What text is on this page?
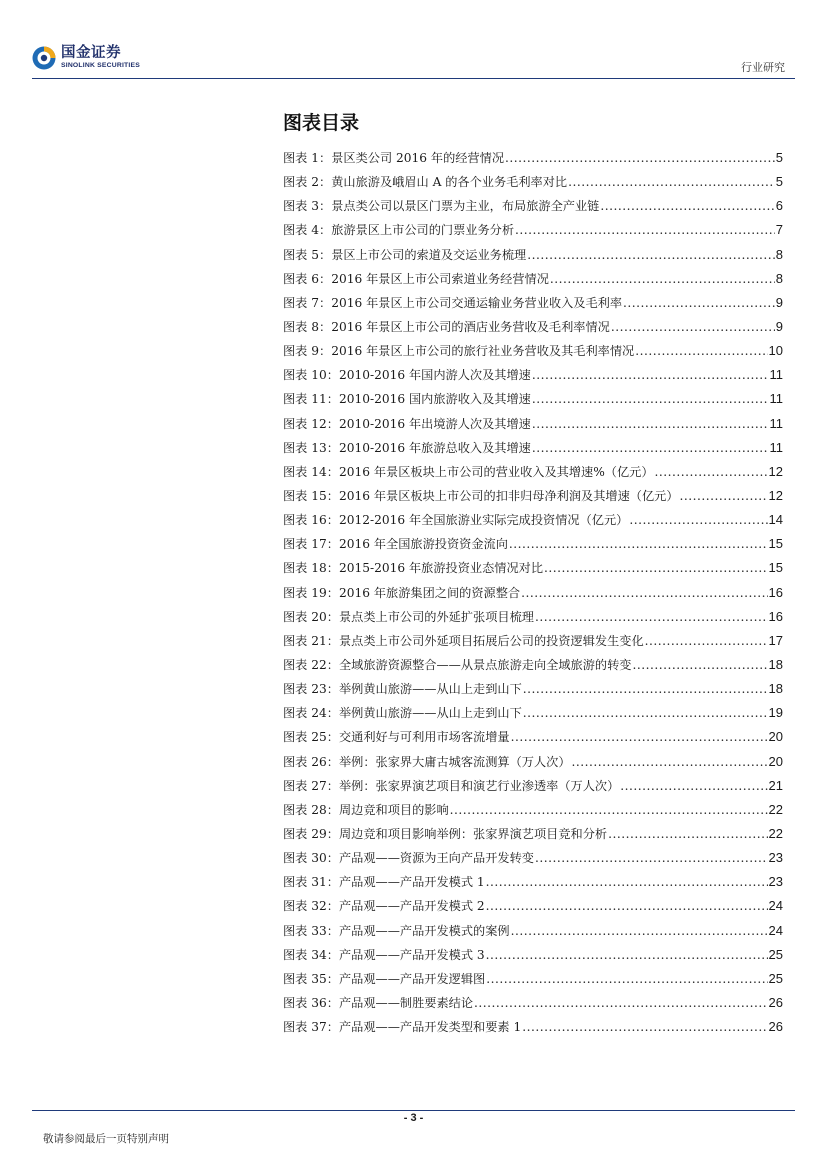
国金证券
SINOLINK SECURITIES	行业研究
图表目录
图表 1：景区类公司 2016 年的经营情况 .....	5
图表 2：黄山旅游及峨眉山 A 的各个业务毛利率对比 .....	5
图表 3：景点类公司以景区门票为主业，布局旅游全产业链 .....	6
图表 4：旅游景区上市公司的门票业务分析 .....	7
图表 5：景区上市公司的索道及交运业务梳理 .....	8
图表 6：2016 年景区上市公司索道业务经营情况 .....	8
图表 7：2016 年景区上市公司交通运输业务营业收入及毛利率 .....	9
图表 8：2016 年景区上市公司的酒店业务营收及毛利率情况 .....	9
图表 9：2016 年景区上市公司的旅行社业务营收及其毛利率情况 .....	10
图表 10：2010-2016 年国内游人次及其增速 .....	11
图表 11：2010-2016 国内旅游收入及其增速 .....	11
图表 12：2010-2016 年出境游人次及其增速 .....	11
图表 13：2010-2016 年旅游总收入及其增速 .....	11
图表 14：2016 年景区板块上市公司的营业收入及其增速%（亿元） .....	12
图表 15：2016 年景区板块上市公司的扣非归母净利润及其增速（亿元） .....	12
图表 16：2012-2016 年全国旅游业实际完成投资情况（亿元） .....	14
图表 17：2016 年全国旅游投资资金流向 .....	15
图表 18：2015-2016 年旅游投资业态情况对比 .....	15
图表 19：2016 年旅游集团之间的资源整合 .....	16
图表 20：景点类上市公司的外延扩张项目梳理 .....	16
图表 21：景点类上市公司外延项目拓展后公司的投资逻辑发生变化 .....	17
图表 22：全域旅游资源整合——从景点旅游走向全域旅游的转变 .....	18
图表 23：举例黄山旅游——从山上走到山下 .....	18
图表 24：举例黄山旅游——从山上走到山下 .....	19
图表 25：交通利好与可利用市场客流增量 .....	20
图表 26：举例：张家界大庸古城客流测算（万人次） .....	20
图表 27：举例：张家界演艺项目和演艺行业渗透率（万人次） .....	21
图表 28：周边竞和项目的影响 .....	22
图表 29：周边竞和项目影响举例：张家界演艺项目竞和分析 .....	22
图表 30：产品观——资源为王向产品开发转变 .....	23
图表 31：产品观——产品开发模式 1 .....	23
图表 32：产品观——产品开发模式 2 .....	24
图表 33：产品观——产品开发模式的案例 .....	24
图表 34：产品观——产品开发模式 3 .....	25
图表 35：产品观——产品开发逻辑图 .....	25
图表 36：产品观——制胜要素结论 .....	26
图表 37：产品观——产品开发类型和要素 1 .....	26
- 3 -
敬请参阅最后一页特别声明
